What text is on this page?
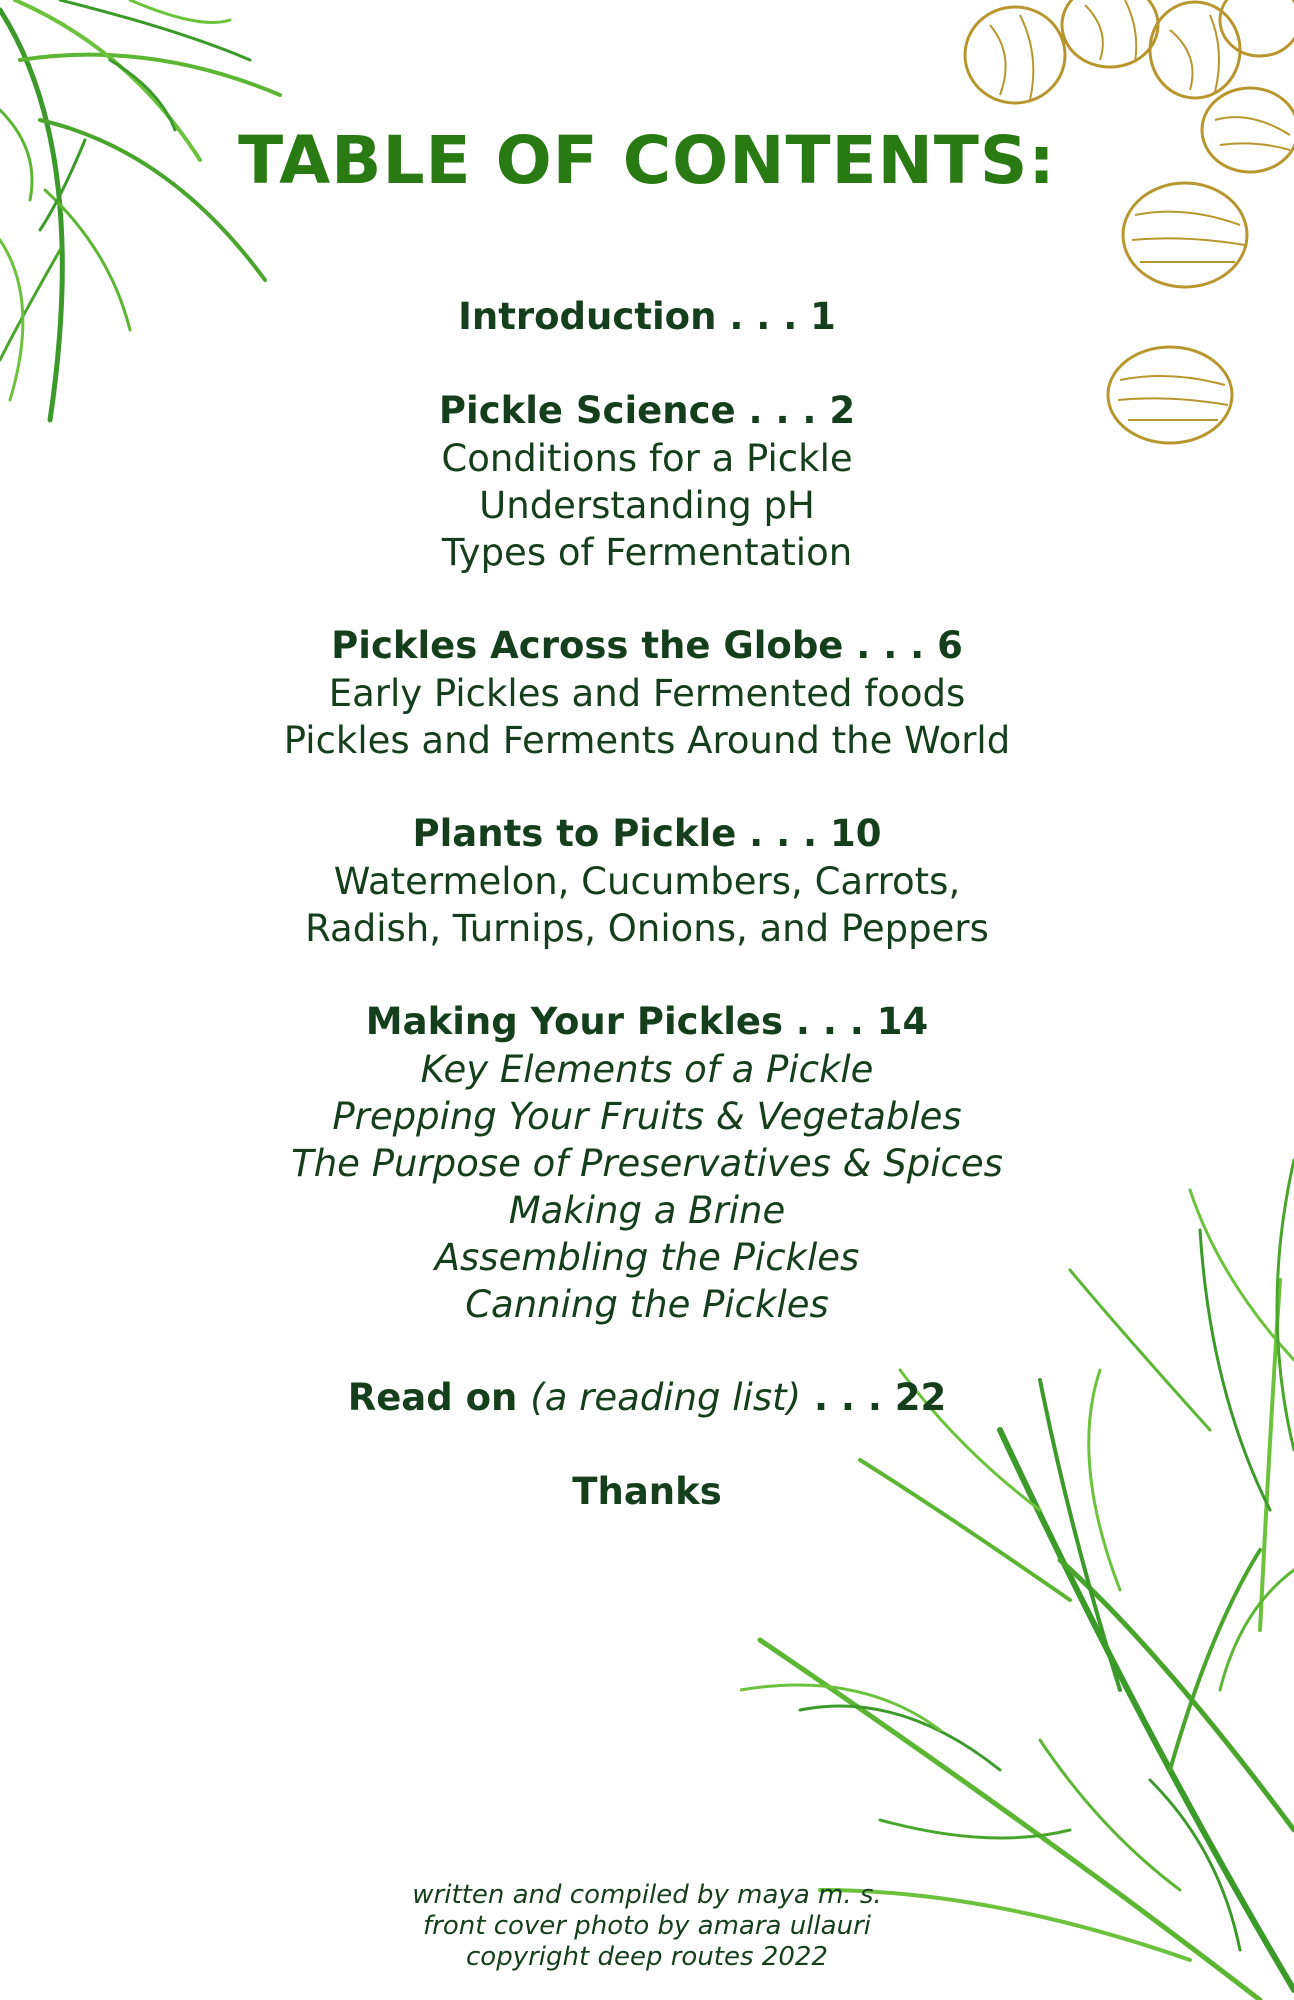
TABLE OF CONTENTS:
Introduction . . . 1
Pickle Science . . . 2
Conditions for a Pickle
Understanding pH
Types of Fermentation
Pickles Across the Globe . . . 6
Early Pickles and Fermented foods
Pickles and Ferments Around the World
Plants to Pickle . . . 10
Watermelon, Cucumbers, Carrots,
Radish, Turnips, Onions, and Peppers
Making Your Pickles . . . 14
Key Elements of a Pickle
Prepping Your Fruits & Vegetables
The Purpose of Preservatives & Spices
Making a Brine
Assembling the Pickles
Canning the Pickles
Read on (a reading list) . . . 22
Thanks
written and compiled by maya m. s.
front cover photo by amara ullauri
copyright deep routes 2022
